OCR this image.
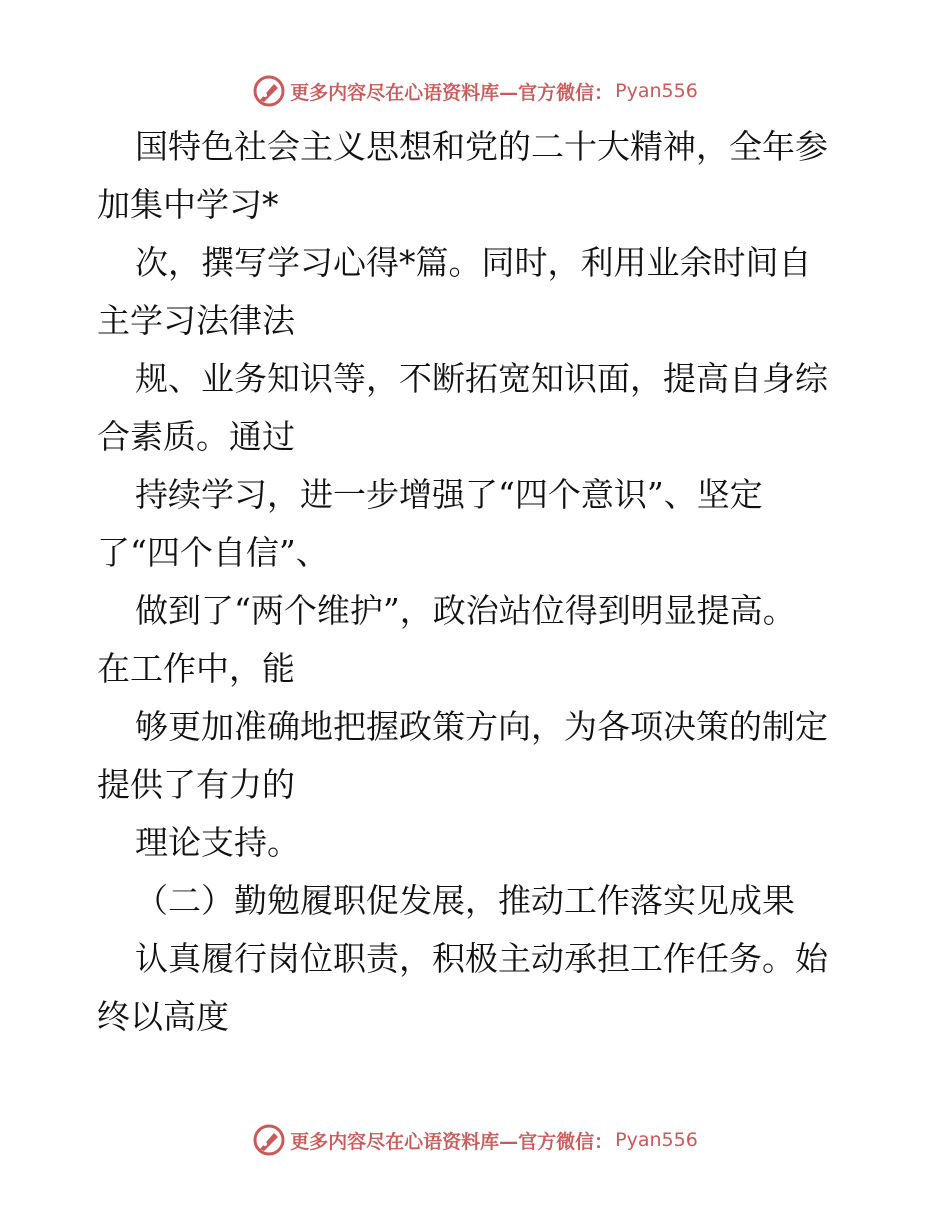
更多内容尽在心语资料库—官方微信： Pyan556
国特色社会主义思想和党的二十大精神，全年参
加集中学习*
次，撰写学习心得*篇。同时，利用业余时间自
主学习法律法
规、业务知识等，不断拓宽知识面，提高自身综
合素质。通过
持续学习，进一步增强了“四个意识”、坚定
了“四个自信”、
做到了“两个维护”，政治站位得到明显提高。
在工作中，能
够更加准确地把握政策方向，为各项决策的制定
提供了有力的
理论支持。
（二）勤勉履职促发展，推动工作落实见成果
认真履行岗位职责，积极主动承担工作任务。始
终以高度
更多内容尽在心语资料库—官方微信： Pyan556
